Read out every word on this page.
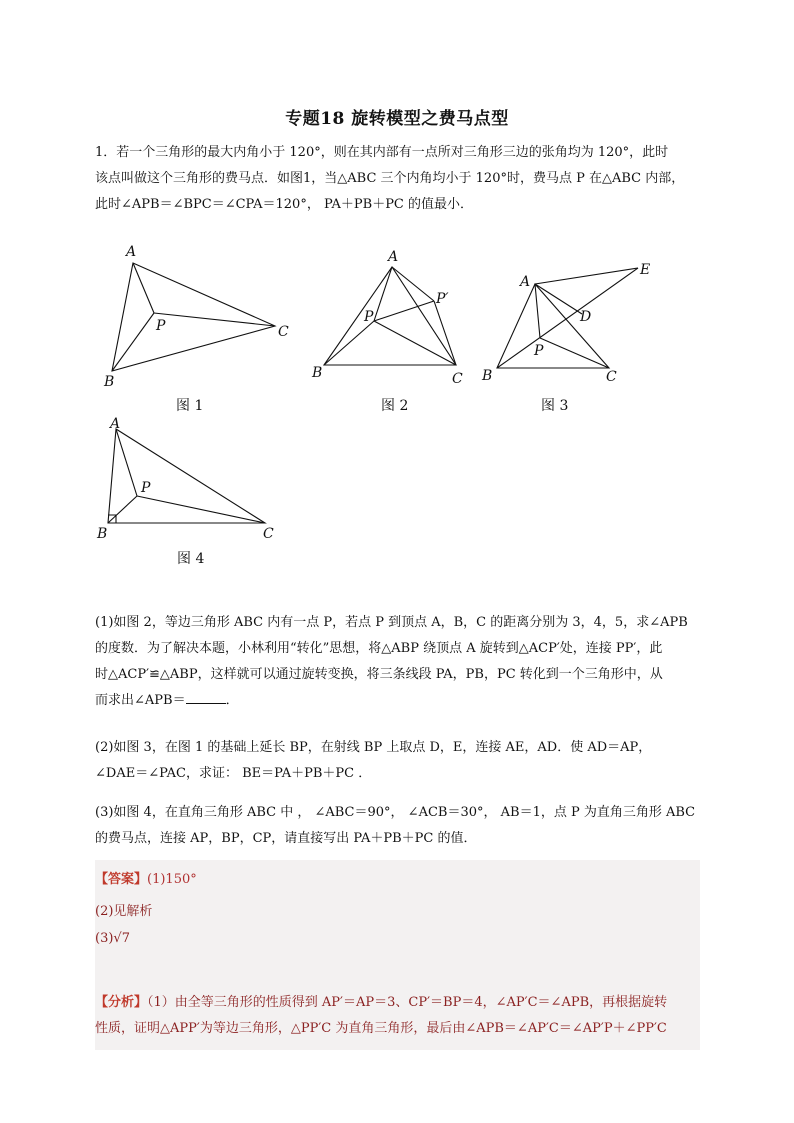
专题18 旋转模型之费马点型
1．若一个三角形的最大内角小于 120°，则在其内部有一点所对三角形三边的张角均为 120°，此时
该点叫做这个三角形的费马点．如图1，当△ABC 三个内角均小于 120°时，费马点 P 在△ABC 内部，
此时∠APB＝∠BPC＝∠CPA＝120°， PA＋PB＋PC 的值最小．
A
B
C
P
图 1
A
B	C
P
P′
图 2
A
B	C
P
D
E
图 3
A
B	C
P
图 4
(1)如图 2，等边三角形 ABC 内有一点 P，若点 P 到顶点 A，B，C 的距离分别为 3，4，5，求∠APB
的度数．为了解决本题，小林利用“转化”思想，将△ABP 绕顶点 A 旋转到△ACP′处，连接 PP′，此
时△ACP′≌△ABP，这样就可以通过旋转变换，将三条线段 PA，PB，PC 转化到一个三角形中，从
而求出∠APB＝	．
(2)如图 3，在图 1 的基础上延长 BP，在射线 BP 上取点 D，E，连接 AE，AD．使 AD＝AP，
∠DAE＝∠PAC，求证： BE＝PA＋PB＋PC ．
(3)如图 4，在直角三角形 ABC 中 ， ∠ABC＝90°， ∠ACB＝30°， AB＝1，点 P 为直角三角形 ABC
的费马点，连接 AP，BP，CP，请直接写出 PA＋PB＋PC 的值．
【答案】(1)150°
(2)见解析
(3)√7
【分析】（1）由全等三角形的性质得到 AP′＝AP＝3、CP′＝BP＝4，∠AP′C＝∠APB，再根据旋转
性质，证明△APP′为等边三角形，△PP′C 为直角三角形，最后由∠APB＝∠AP′C＝∠AP′P＋∠PP′C
